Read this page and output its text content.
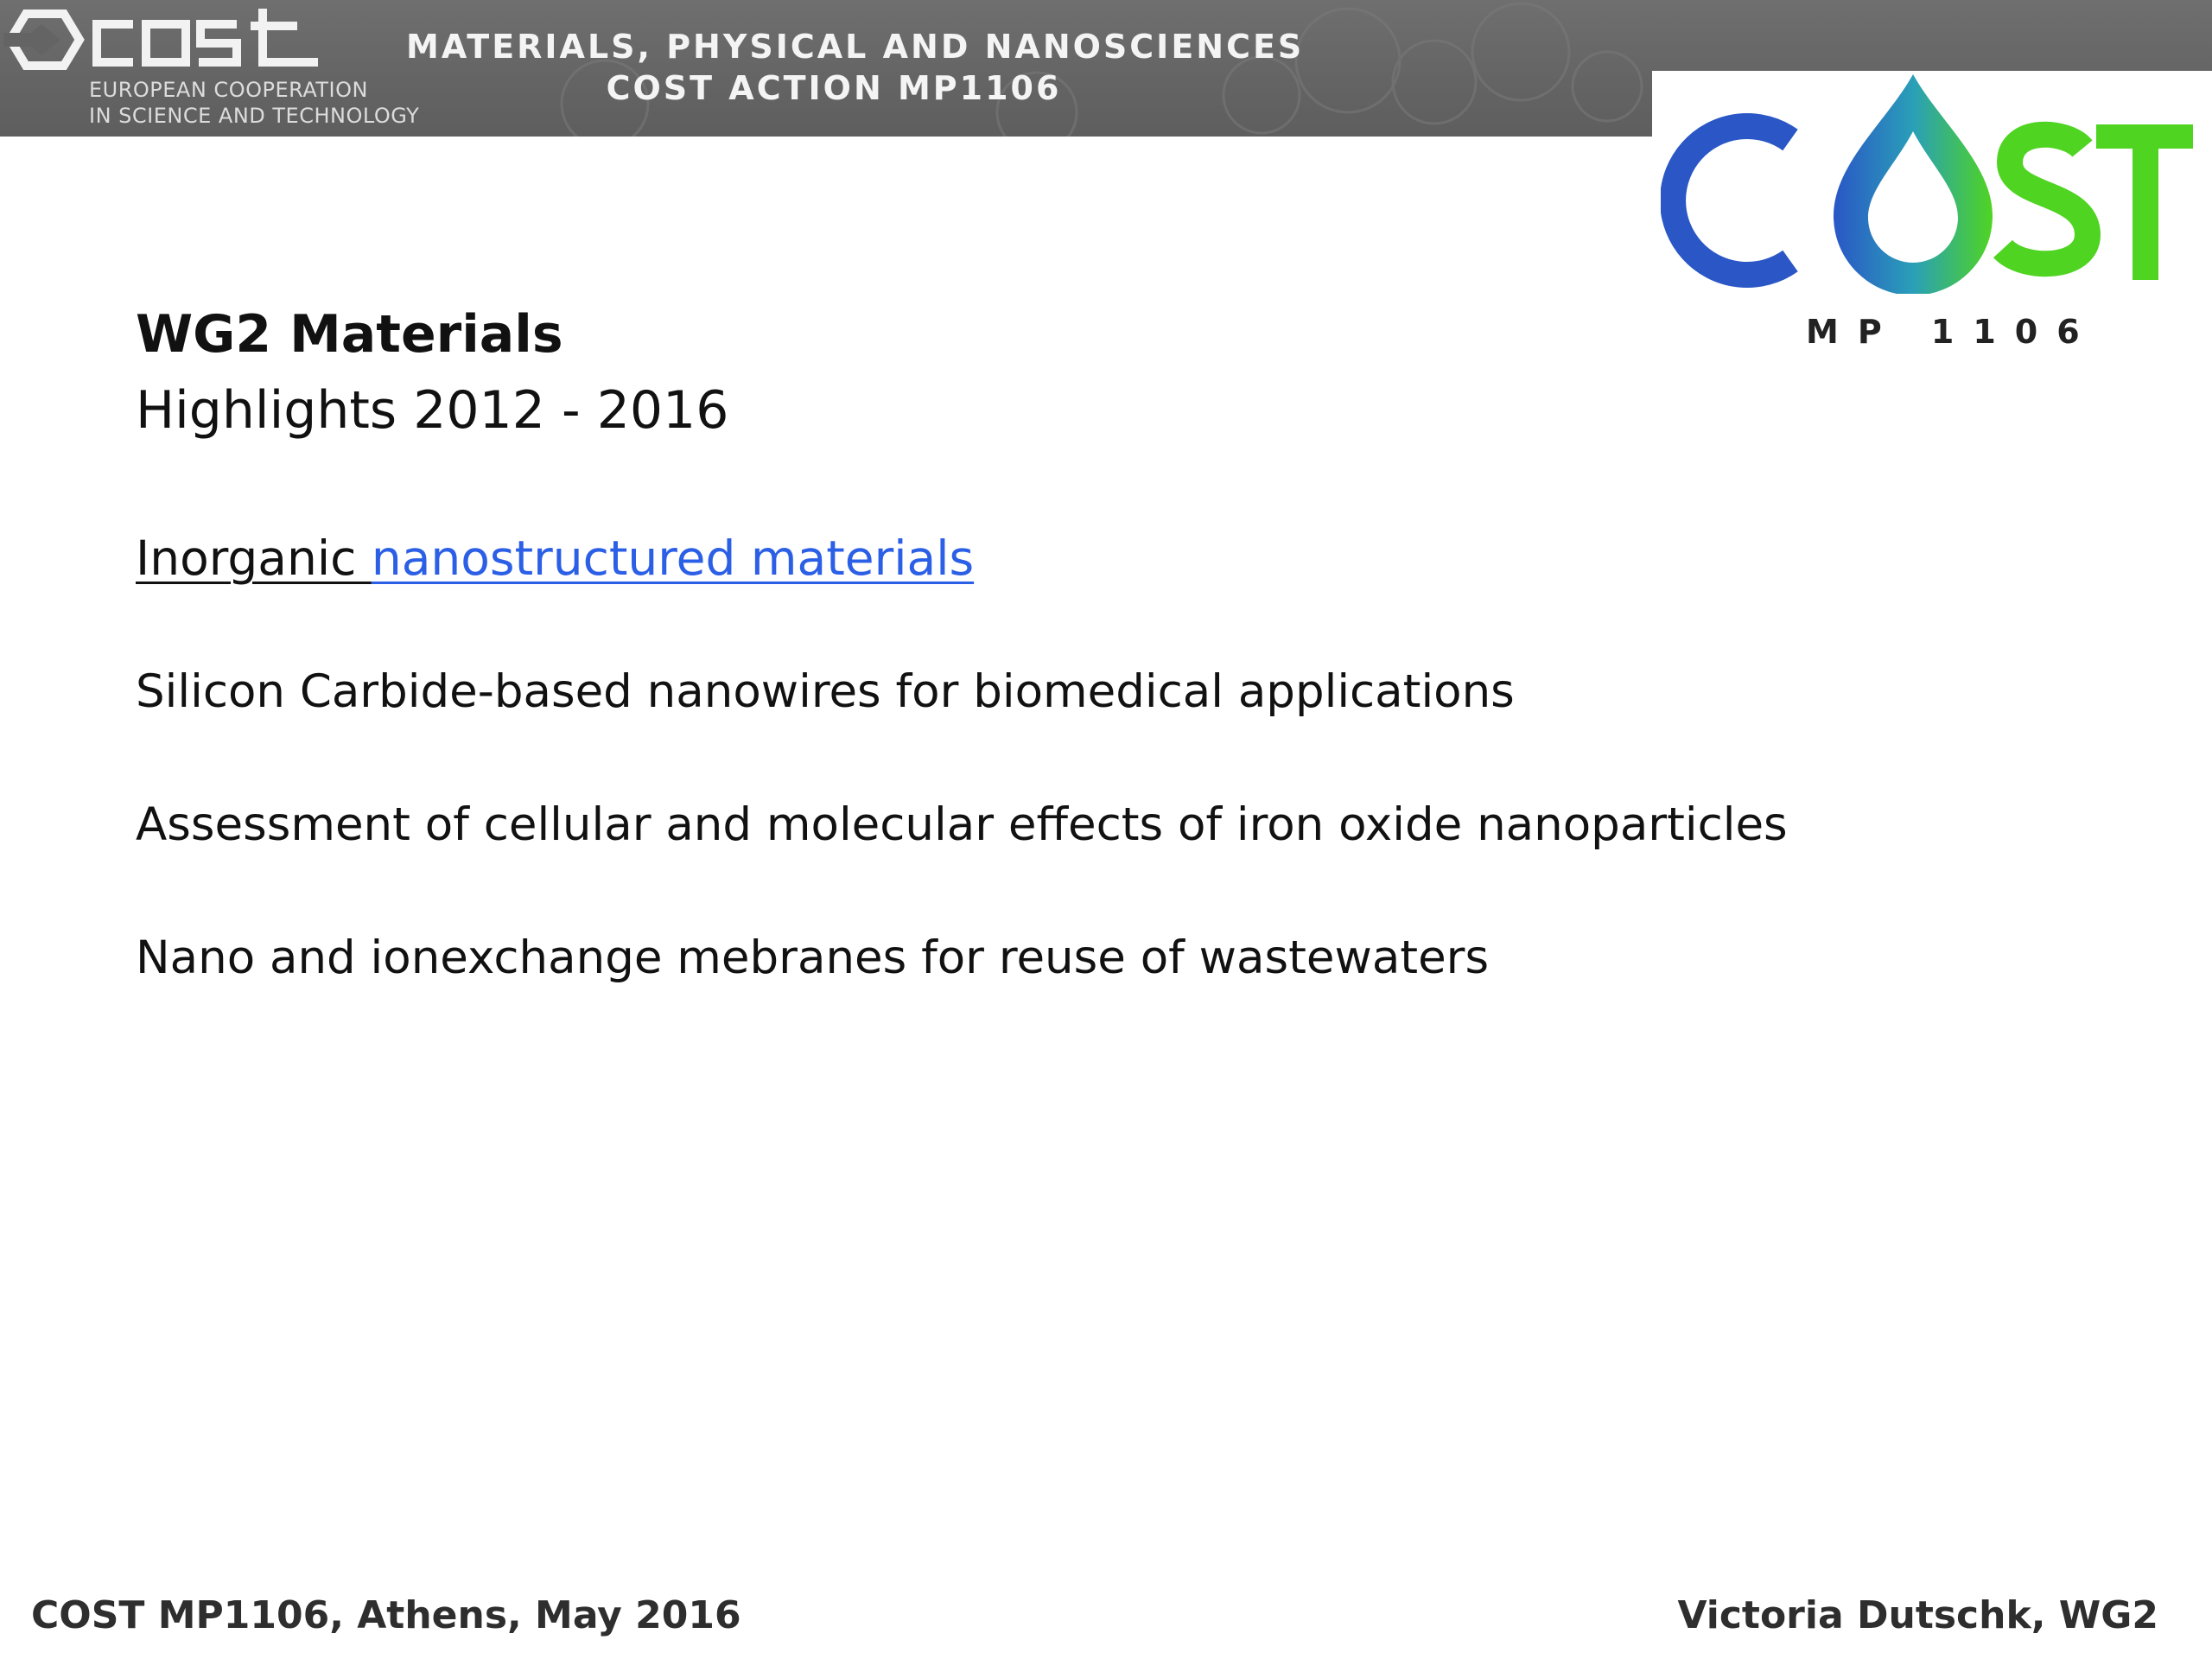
EUROPEAN COOPERATION

IN SCIENCE AND TECHNOLOGY

MATERIALS, PHYSICAL AND NANOSCIENCES

COST ACTION MP1106

MP 1106

WG2 Materials

Highlights 2012 - 2016

Inorganic nanostructured materials

Silicon Carbide-based nanowires for biomedical applications

Assessment of cellular and molecular effects of iron oxide nanoparticles

Nano and ionexchange mebranes for reuse of wastewaters

COST MP1106, Athens, May 2016	Victoria Dutschk, WG2
